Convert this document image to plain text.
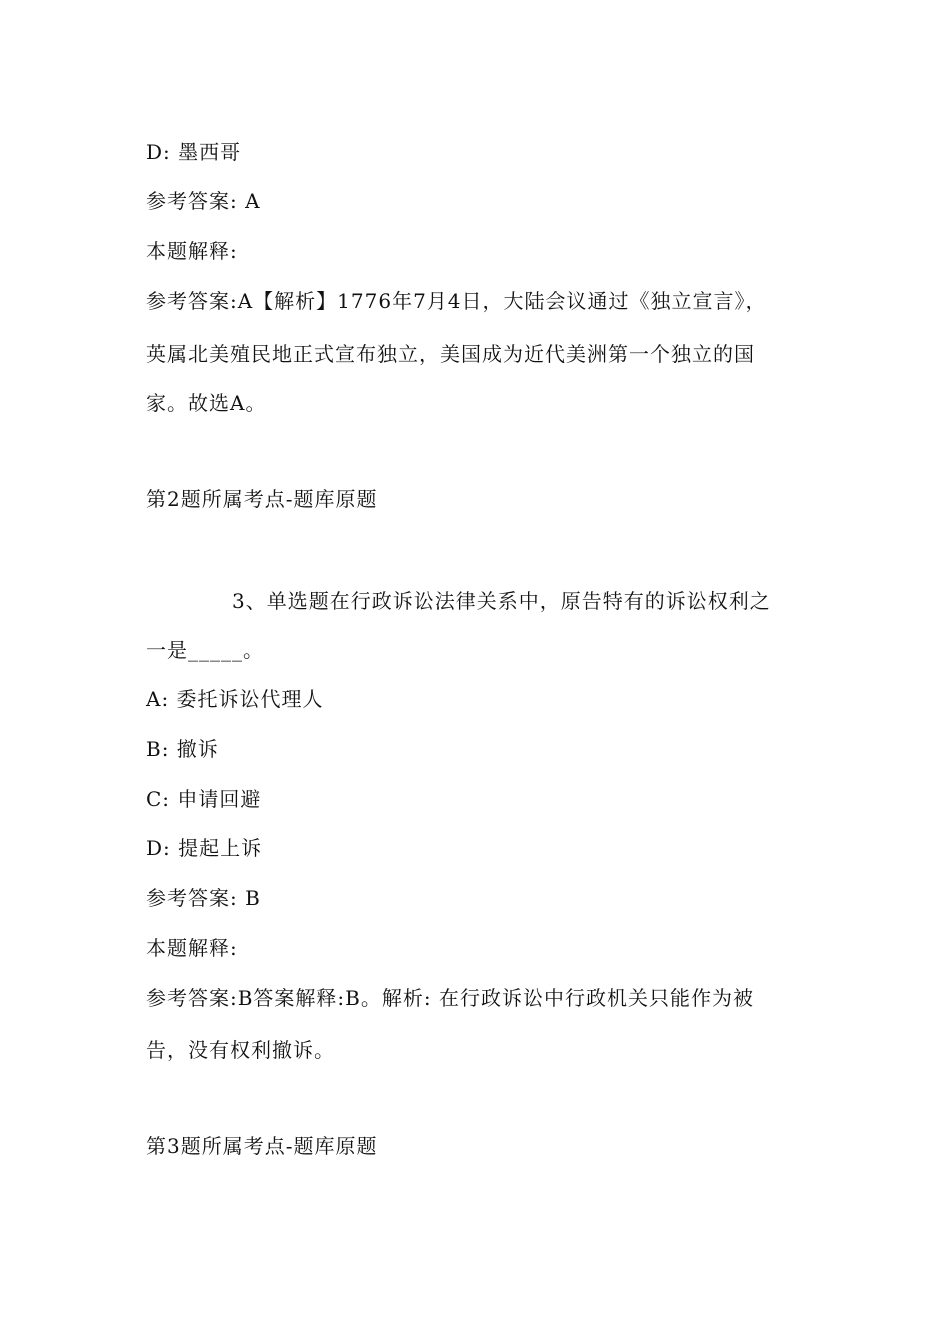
D: 墨西哥
参考答案: A
本题解释:
参考答案:A【解析】1776年7月4日，大陆会议通过《独立宣言》，
英属北美殖民地正式宣布独立，美国成为近代美洲第一个独立的国
家。故选A。
第2题所属考点-题库原题
3、单选题在行政诉讼法律关系中，原告特有的诉讼权利之
一是_____。
A: 委托诉讼代理人
B: 撤诉
C: 申请回避
D: 提起上诉
参考答案: B
本题解释:
参考答案:B答案解释:B。解析: 在行政诉讼中行政机关只能作为被
告，没有权利撤诉。
第3题所属考点-题库原题
